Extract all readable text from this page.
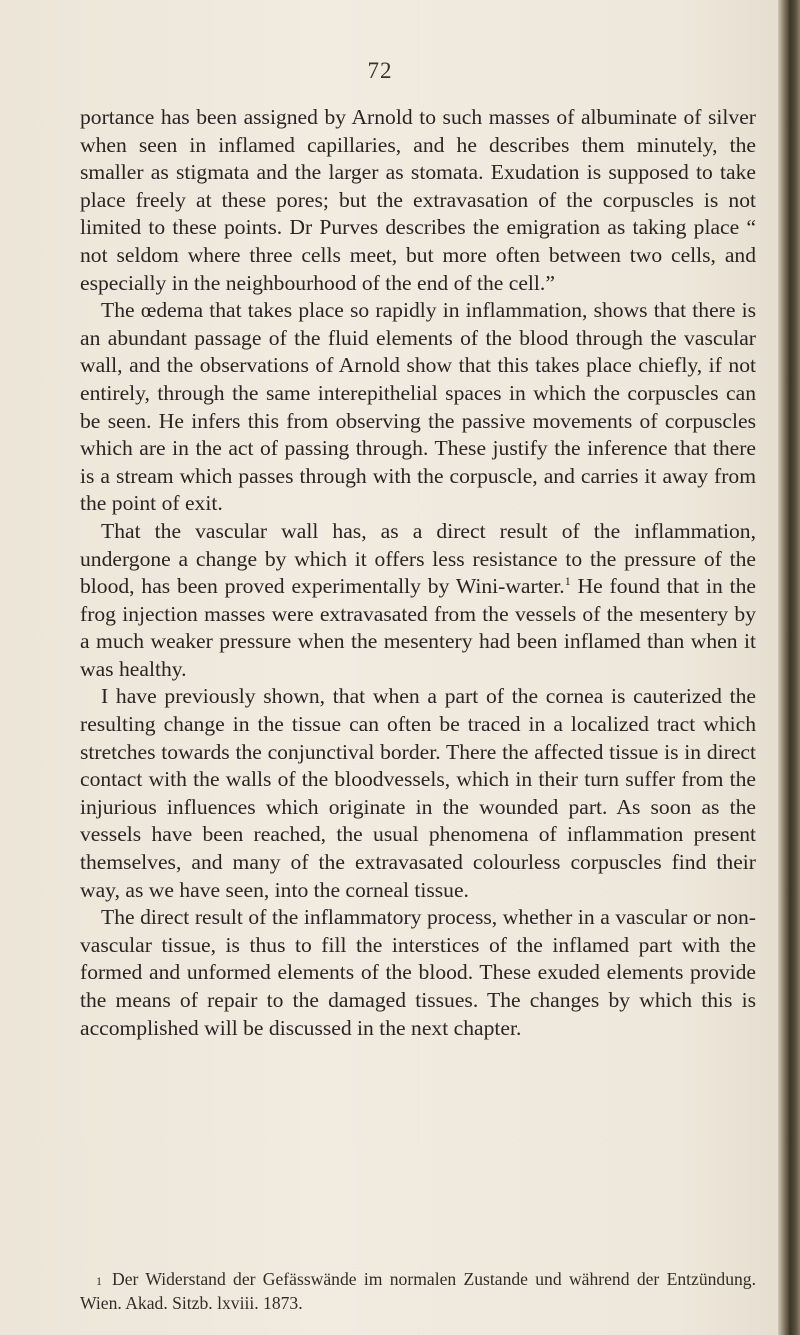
72

portance has been assigned by Arnold to such masses of albuminate of silver when seen in inflamed capillaries, and he describes them minutely, the smaller as stigmata and the larger as stomata. Exudation is supposed to take place freely at these pores; but the extravasation of the corpuscles is not limited to these points. Dr Purves describes the emigration as taking place “ not seldom where three cells meet, but more often between two cells, and especially in the neighbourhood of the end of the cell.”

The œdema that takes place so rapidly in inflammation, shows that there is an abundant passage of the fluid elements of the blood through the vascular wall, and the observations of Arnold show that this takes place chiefly, if not entirely, through the same interepithelial spaces in which the corpuscles can be seen. He infers this from observing the passive movements of corpuscles which are in the act of passing through. These justify the inference that there is a stream which passes through with the corpuscle, and carries it away from the point of exit.

That the vascular wall has, as a direct result of the inflammation, undergone a change by which it offers less resistance to the pressure of the blood, has been proved experimentally by Wini-warter.$^1$ He found that in the frog injection masses were extravasated from the vessels of the mesentery by a much weaker pressure when the mesentery had been inflamed than when it was healthy.

I have previously shown, that when a part of the cornea is cauterized the resulting change in the tissue can often be traced in a localized tract which stretches towards the conjunctival border. There the affected tissue is in direct contact with the walls of the bloodvessels, which in their turn suffer from the injurious influences which originate in the wounded part. As soon as the vessels have been reached, the usual phenomena of inflammation present themselves, and many of the extravasated colourless corpuscles find their way, as we have seen, into the corneal tissue.

The direct result of the inflammatory process, whether in a vascular or non-vascular tissue, is thus to fill the interstices of the inflamed part with the formed and unformed elements of the blood. These exuded elements provide the means of repair to the damaged tissues. The changes by which this is accomplished will be discussed in the next chapter.

1 Der Widerstand der Gefässwände im normalen Zustande und während der Entzündung. Wien. Akad. Sitzb. lxviii. 1873.
